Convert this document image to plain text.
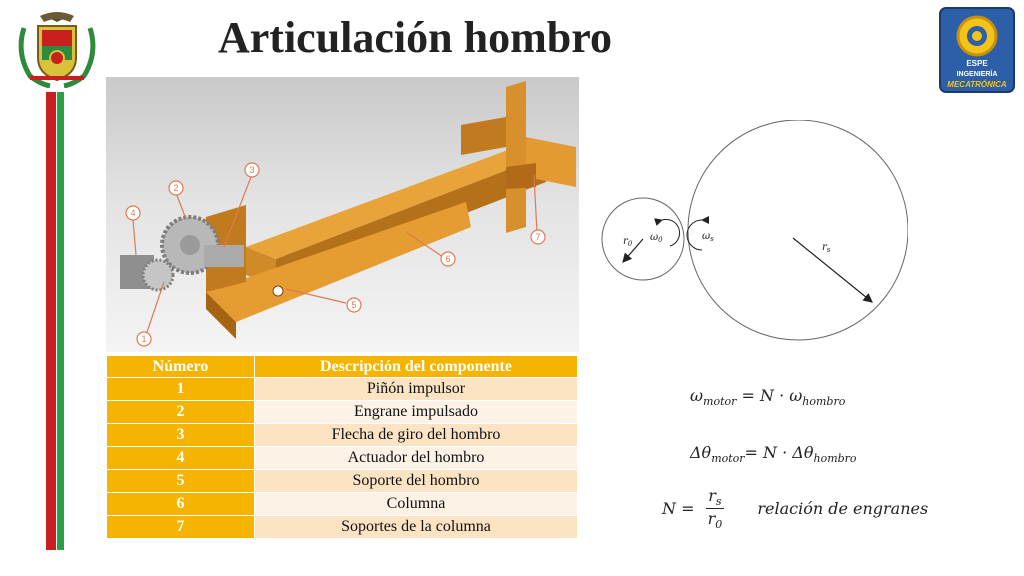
ESPE
INGENIERÍA
MECATRÓNICA
Articulación hombro
1
2
3
4
5
6
7
Número	Descripción del componente
1	Piñón impulsor
2	Engrane impulsado
3	Flecha de giro del hombro
4	Actuador del hombro
5	Soporte del hombro
6	Columna
7	Soportes de la columna
$r_0$
$\omega_0$	$\omega_s$
$r_s$
$\omega_{motor} = N \cdot \omega_{hombro}$
$\Delta\theta_{motor}= N \cdot \Delta\theta_{hombro}$
$N = \frac{r_s}{r_0}$ relación de engranes
